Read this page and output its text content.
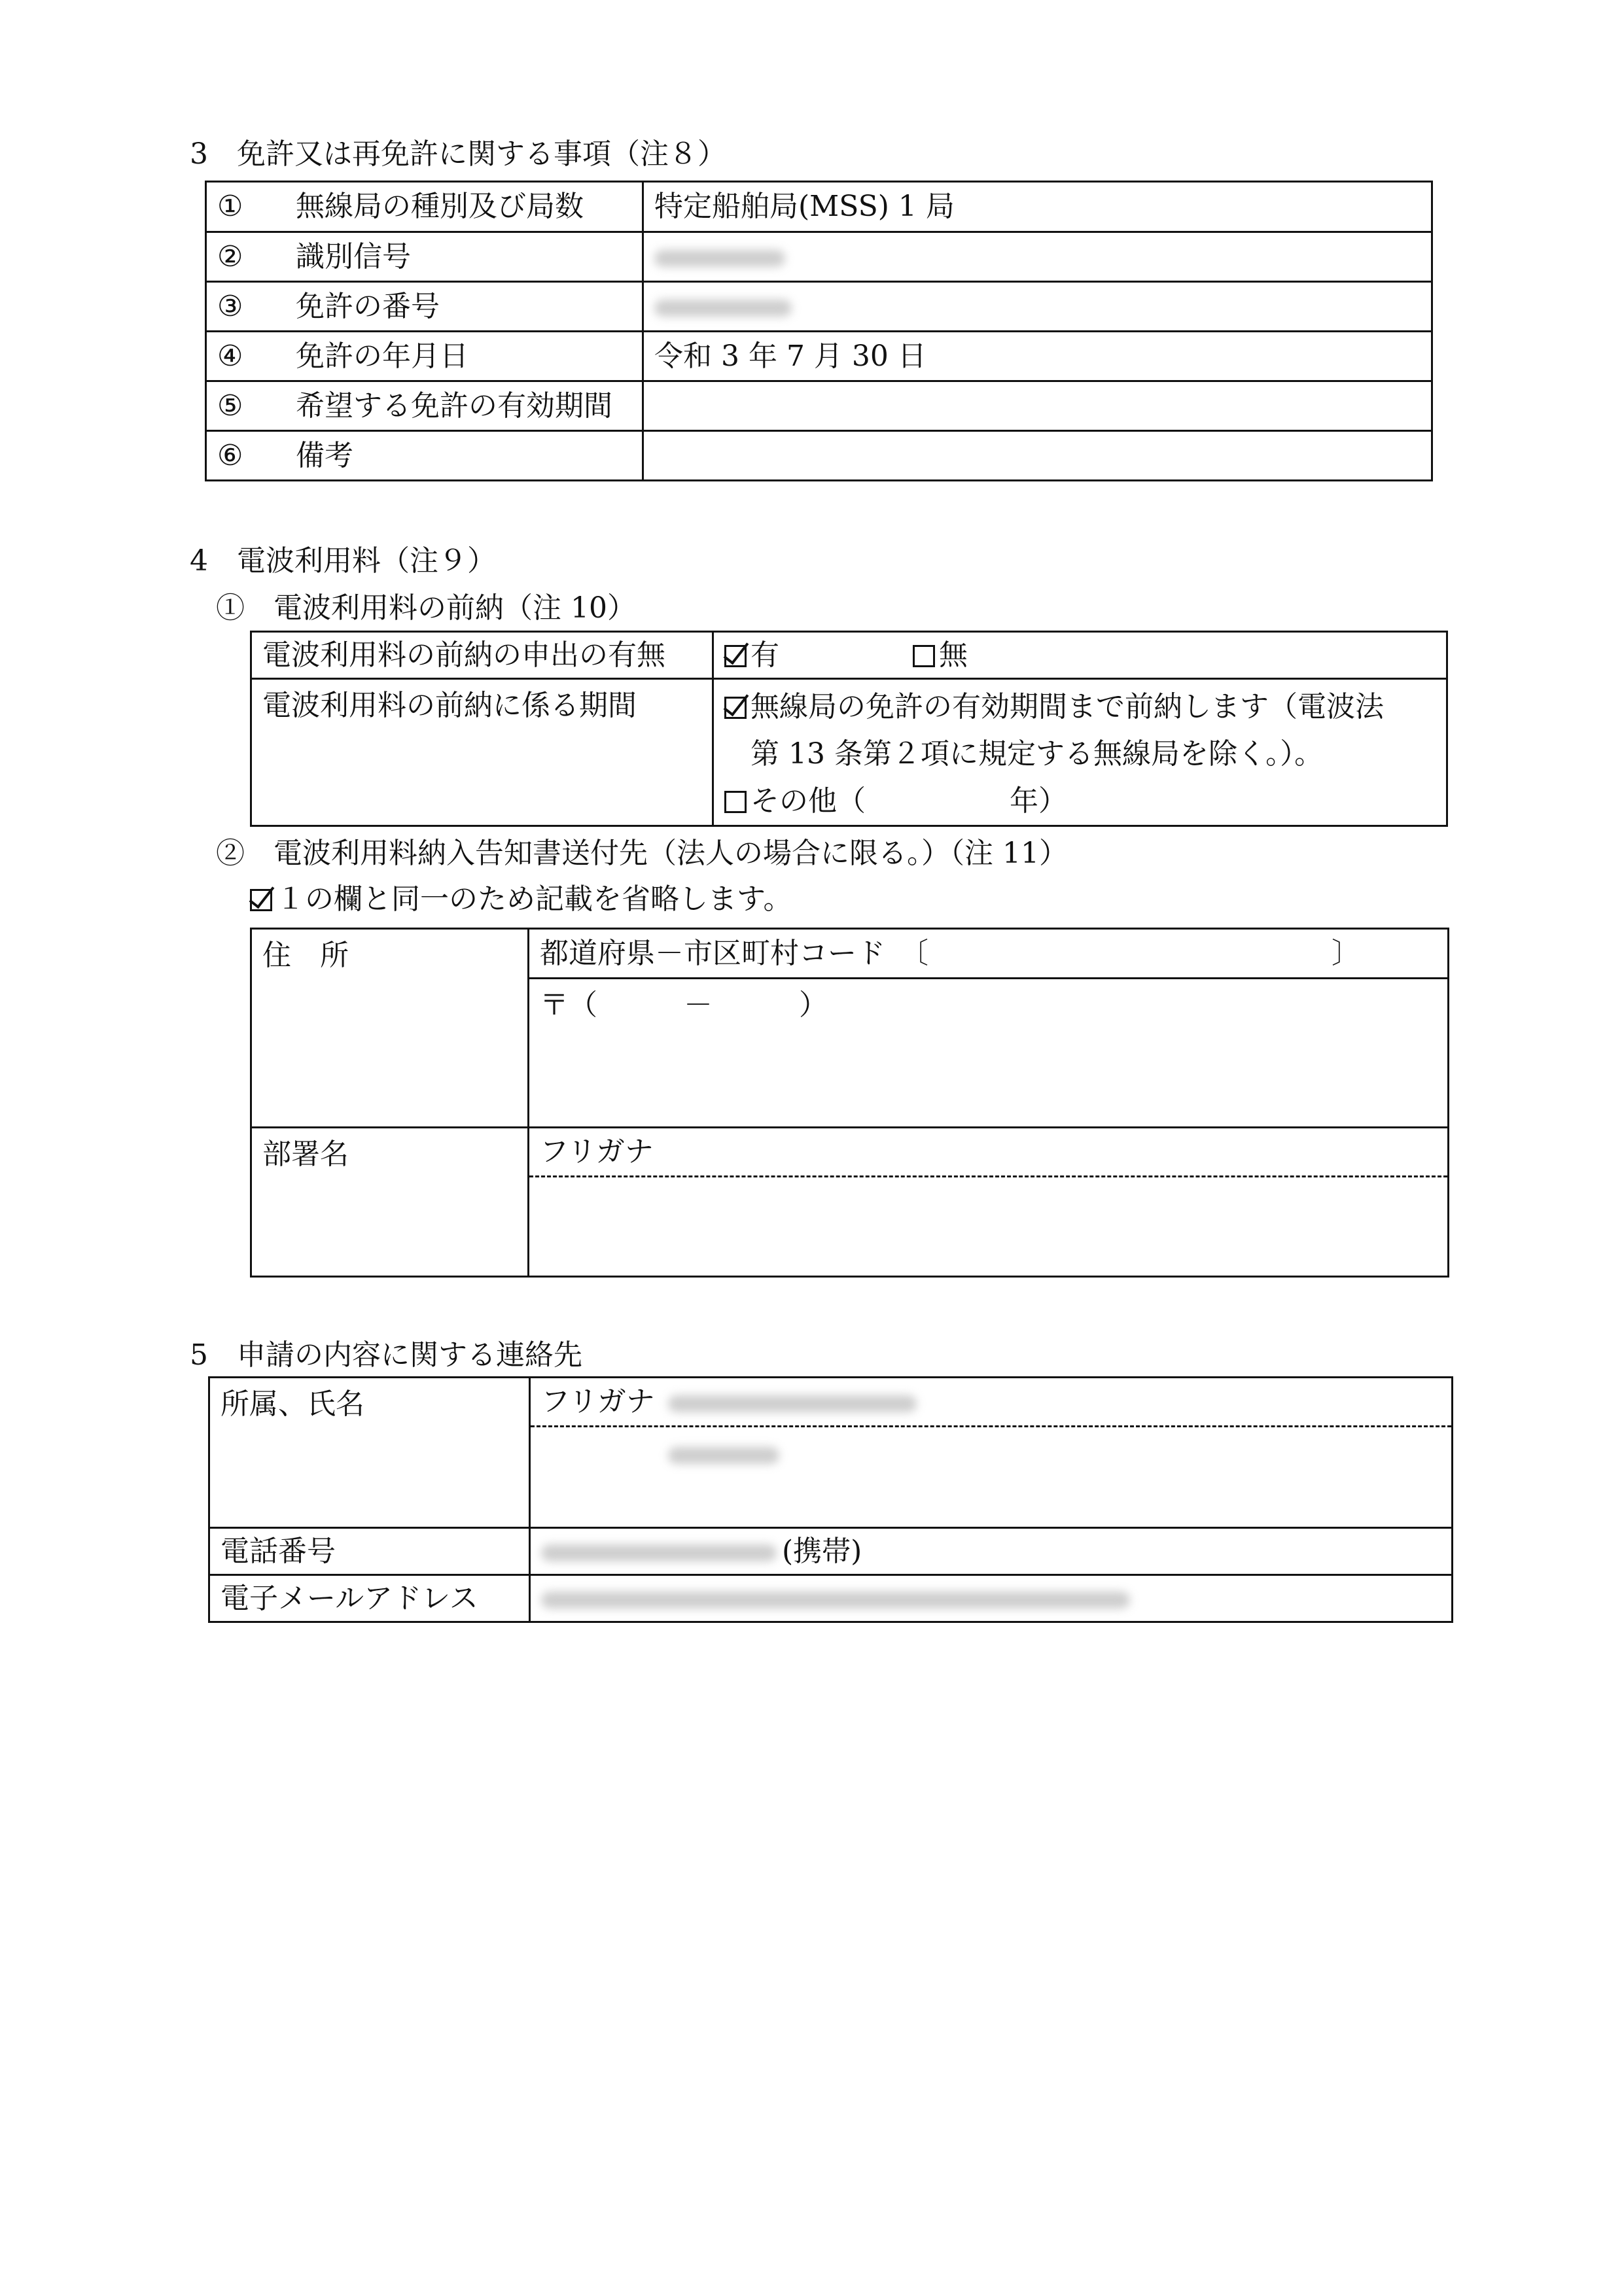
3　免許又は再免許に関する事項（注８）
① 無線局の種別及び局数	特定船舶局(MSS) 1 局
② 識別信号	
③ 免許の番号	
④ 免許の年月日	令和 3 年 7 月 30 日
⑤ 希望する免許の有効期間	
⑥ 備考	
4　電波利用料（注９）
①　電波利用料の前納（注 10）
電波利用料の前納の申出の有無	有 無
電波利用料の前納に係る期間	無線局の免許の有効期間まで前納します（電波法
第 13 条第２項に規定する無線局を除く。）。
その他（　　　　　年）
②　電波利用料納入告知書送付先（法人の場合に限る。）（注 11）
１の欄と同一のため記載を省略します。
住　所	都道府県－市区町村コード　〔　　　　　　　　　　　　　　〕
	〒（　　　－　　　）
部署名	フリガナ
5　申請の内容に関する連絡先
所属、氏名	フリガナ

電話番号	(携帯)
電子メールアドレス	
